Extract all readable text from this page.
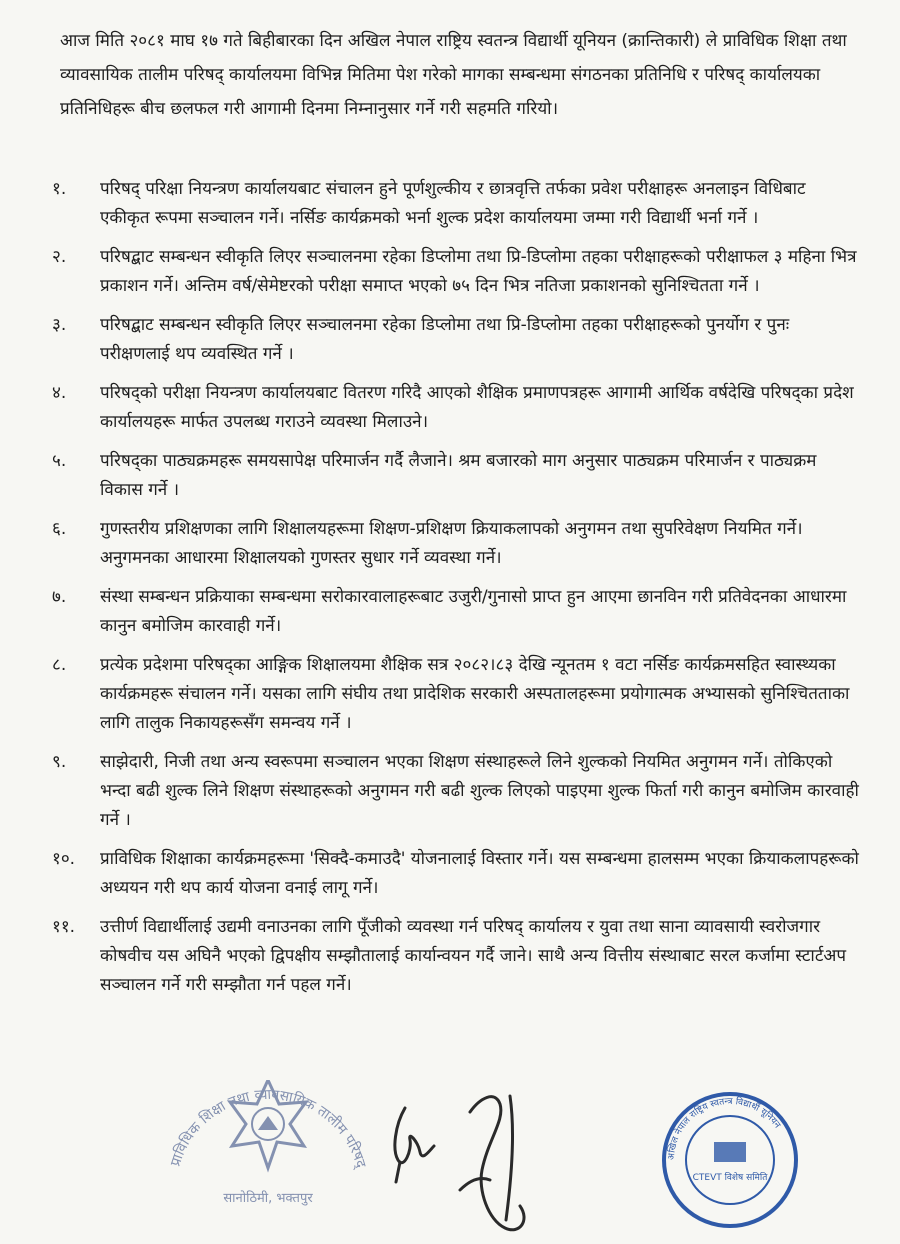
आज मिति २०८१ माघ १७ गते बिहीबारका दिन अखिल नेपाल राष्ट्रिय स्वतन्त्र विद्यार्थी यूनियन (क्रान्तिकारी) ले प्राविधिक शिक्षा तथा व्यावसायिक तालीम परिषद् कार्यालयमा विभिन्न मितिमा पेश गरेको मागका सम्बन्धमा संगठनका प्रतिनिधि र परिषद् कार्यालयका प्रतिनिधिहरू बीच छलफल गरी आगामी दिनमा निम्नानुसार गर्ने गरी सहमति गरियो।

१.	परिषद् परिक्षा नियन्त्रण कार्यालयबाट संचालन हुने पूर्णशुल्कीय र छात्रवृत्ति तर्फका प्रवेश परीक्षाहरू अनलाइन विधिबाट एकीकृत रूपमा सञ्चालन गर्ने। नर्सिङ कार्यक्रमको भर्ना शुल्क प्रदेश कार्यालयमा जम्मा गरी विद्यार्थी भर्ना गर्ने ।
२.	परिषद्बाट सम्बन्धन स्वीकृति लिएर सञ्चालनमा रहेका डिप्लोमा तथा प्रि-डिप्लोमा तहका परीक्षाहरूको परीक्षाफल ३ महिना भित्र प्रकाशन गर्ने। अन्तिम वर्ष/सेमेष्टरको परीक्षा समाप्त भएको ७५ दिन भित्र नतिजा प्रकाशनको सुनिश्चितता गर्ने ।
३.	परिषद्बाट सम्बन्धन स्वीकृति लिएर सञ्चालनमा रहेका डिप्लोमा तथा प्रि-डिप्लोमा तहका परीक्षाहरूको पुनर्योग र पुनः परीक्षणलाई थप व्यवस्थित गर्ने ।
४.	परिषद्को परीक्षा नियन्त्रण कार्यालयबाट वितरण गरिदै आएको शैक्षिक प्रमाणपत्रहरू आगामी आर्थिक वर्षदेखि परिषद्का प्रदेश कार्यालयहरू मार्फत उपलब्ध गराउने व्यवस्था मिलाउने।
५.	परिषद्का पाठ्यक्रमहरू समयसापेक्ष परिमार्जन गर्दै लैजाने। श्रम बजारको माग अनुसार पाठ्यक्रम परिमार्जन र पाठ्यक्रम विकास गर्ने ।
६.	गुणस्तरीय प्रशिक्षणका लागि शिक्षालयहरूमा शिक्षण-प्रशिक्षण क्रियाकलापको अनुगमन तथा सुपरिवेक्षण नियमित गर्ने। अनुगमनका आधारमा शिक्षालयको गुणस्तर सुधार गर्ने व्यवस्था गर्ने।
७.	संस्था सम्बन्धन प्रक्रियाका सम्बन्धमा सरोकारवालाहरूबाट उजुरी/गुनासो प्राप्त हुन आएमा छानविन गरी प्रतिवेदनका आधारमा कानुन बमोजिम कारवाही गर्ने।
८.	प्रत्येक प्रदेशमा परिषद्का आङ्गिक शिक्षालयमा शैक्षिक सत्र २०८२।८३ देखि न्यूनतम १ वटा नर्सिङ कार्यक्रमसहित स्वास्थ्यका कार्यक्रमहरू संचालन गर्ने। यसका लागि संघीय तथा प्रादेशिक सरकारी अस्पतालहरूमा प्रयोगात्मक अभ्यासको सुनिश्चितताका लागि तालुक निकायहरूसँग समन्वय गर्ने ।
९.	साझेदारी, निजी तथा अन्य स्वरूपमा सञ्चालन भएका शिक्षण संस्थाहरूले लिने शुल्कको नियमित अनुगमन गर्ने। तोकिएको भन्दा बढी शुल्क लिने शिक्षण संस्थाहरूको अनुगमन गरी बढी शुल्क लिएको पाइएमा शुल्क फिर्ता गरी कानुन बमोजिम कारवाही गर्ने ।
१०.	प्राविधिक शिक्षाका कार्यक्रमहरूमा 'सिक्दै-कमाउदै' योजनालाई विस्तार गर्ने। यस सम्बन्धमा हालसम्म भएका क्रियाकलापहरूको अध्ययन गरी थप कार्य योजना वनाई लागू गर्ने।
११.	उत्तीर्ण विद्यार्थीलाई उद्यमी वनाउनका लागि पूँजीको व्यवस्था गर्न परिषद् कार्यालय र युवा तथा साना व्यावसायी स्वरोजगार कोषवीच यस अघिनै भएको द्विपक्षीय सम्झौतालाई कार्यान्वयन गर्दै जाने। साथै अन्य वित्तीय संस्थाबाट सरल कर्जामा स्टार्टअप सञ्चालन गर्ने गरी सम्झौता गर्न पहल गर्ने।
प्राविधिक शिक्षा तथा व्यावसायिक तालीम परिषद्
सानोठिमी, भक्तपुर
अखिल नेपाल राष्ट्रिय स्वतन्त्र विद्यार्थी यूनियन
CTEVT विशेष समिति
